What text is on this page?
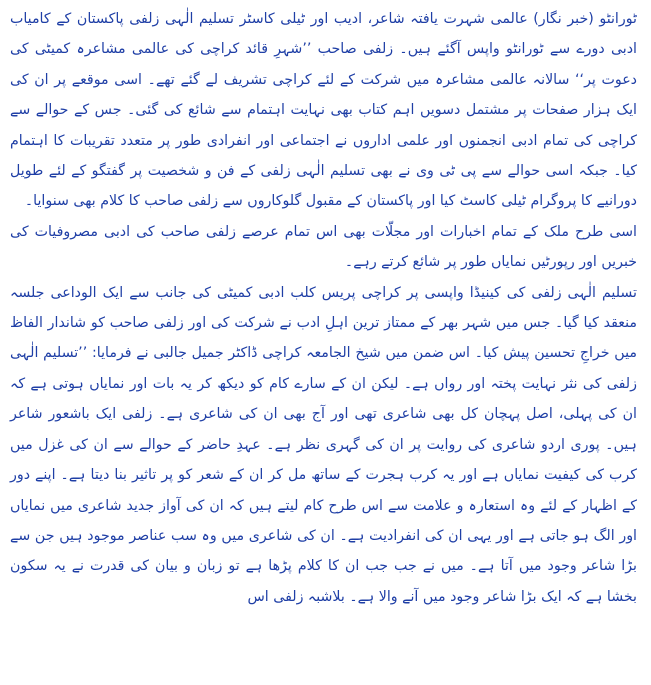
ٹورانٹو (خبر نگار) عالمی شہرت یافتہ شاعر، ادیب اور ٹیلی کاسٹر تسلیم الٰہی زلفی پاکستان کے کامیاب ادبی دورے سے ٹورانٹو واپس آگئے ہیں۔ زلفی صاحب ’’شہرِ قائد کراچی کی عالمی مشاعرہ کمیٹی کی دعوت پر‘‘ سالانہ عالمی مشاعرہ میں شرکت کے لئے کراچی تشریف لے گئے تھے۔ اسی موقعے پر ان کی ایک ہزار صفحات پر مشتمل دسویں اہم کتاب بھی نہایت اہتمام سے شائع کی گئی۔ جس کے حوالے سے کراچی کی تمام ادبی انجمنوں اور علمی اداروں نے اجتماعی اور انفرادی طور پر متعدد تقریبات کا اہتمام کیا۔ جبکہ اسی حوالے سے پی ٹی وی نے بھی تسلیم الٰہی زلفی کے فن و شخصیت پر گفتگو کے لئے طویل دورانیے کا پروگرام ٹیلی کاسٹ کیا اور پاکستان کے مقبول گلوکاروں سے زلفی صاحب کا کلام بھی سنوایا۔

اسی طرح ملک کے تمام اخبارات اور مجلّات بھی اس تمام عرصے زلفی صاحب کی ادبی مصروفیات کی خبریں اور رپورٹیں نمایاں طور پر شائع کرتے رہے۔

تسلیم الٰہی زلفی کی کینیڈا واپسی پر کراچی پریس کلب ادبی کمیٹی کی جانب سے ایک الوداعی جلسہ منعقد کیا گیا۔ جس میں شہر بھر کے ممتاز ترین اہلِ ادب نے شرکت کی اور زلفی صاحب کو شاندار الفاظ میں خراجِ تحسین پیش کیا۔ اس ضمن میں شیخ الجامعہ کراچی ڈاکٹر جمیل جالبی نے فرمایا: ’’تسلیم الٰہی زلفی کی نثر نہایت پختہ اور رواں ہے۔ لیکن ان کے سارے کام کو دیکھ کر یہ بات اور نمایاں ہوتی ہے کہ ان کی پہلی، اصل پہچان کل بھی شاعری تھی اور آج بھی ان کی شاعری ہے۔ زلفی ایک باشعور شاعر ہیں۔ پوری اردو شاعری کی روایت پر ان کی گہری نظر ہے۔ عہدِ حاضر کے حوالے سے ان کی غزل میں کرب کی کیفیت نمایاں ہے اور یہ کرب ہجرت کے ساتھ مل کر ان کے شعر کو پر تاثیر بنا دیتا ہے۔ اپنے دور کے اظہار کے لئے وہ استعارہ و علامت سے اس طرح کام لیتے ہیں کہ ان کی آواز جدید شاعری میں نمایاں اور الگ ہو جاتی ہے اور یہی ان کی انفرادیت ہے۔ ان کی شاعری میں وہ سب عناصر موجود ہیں جن سے بڑا شاعر وجود میں آتا ہے۔ میں نے جب جب ان کا کلام پڑھا ہے تو زبان و بیان کی قدرت نے یہ سکون بخشا ہے کہ ایک بڑا شاعر وجود میں آنے والا ہے۔ بلاشبہ زلفی اس
